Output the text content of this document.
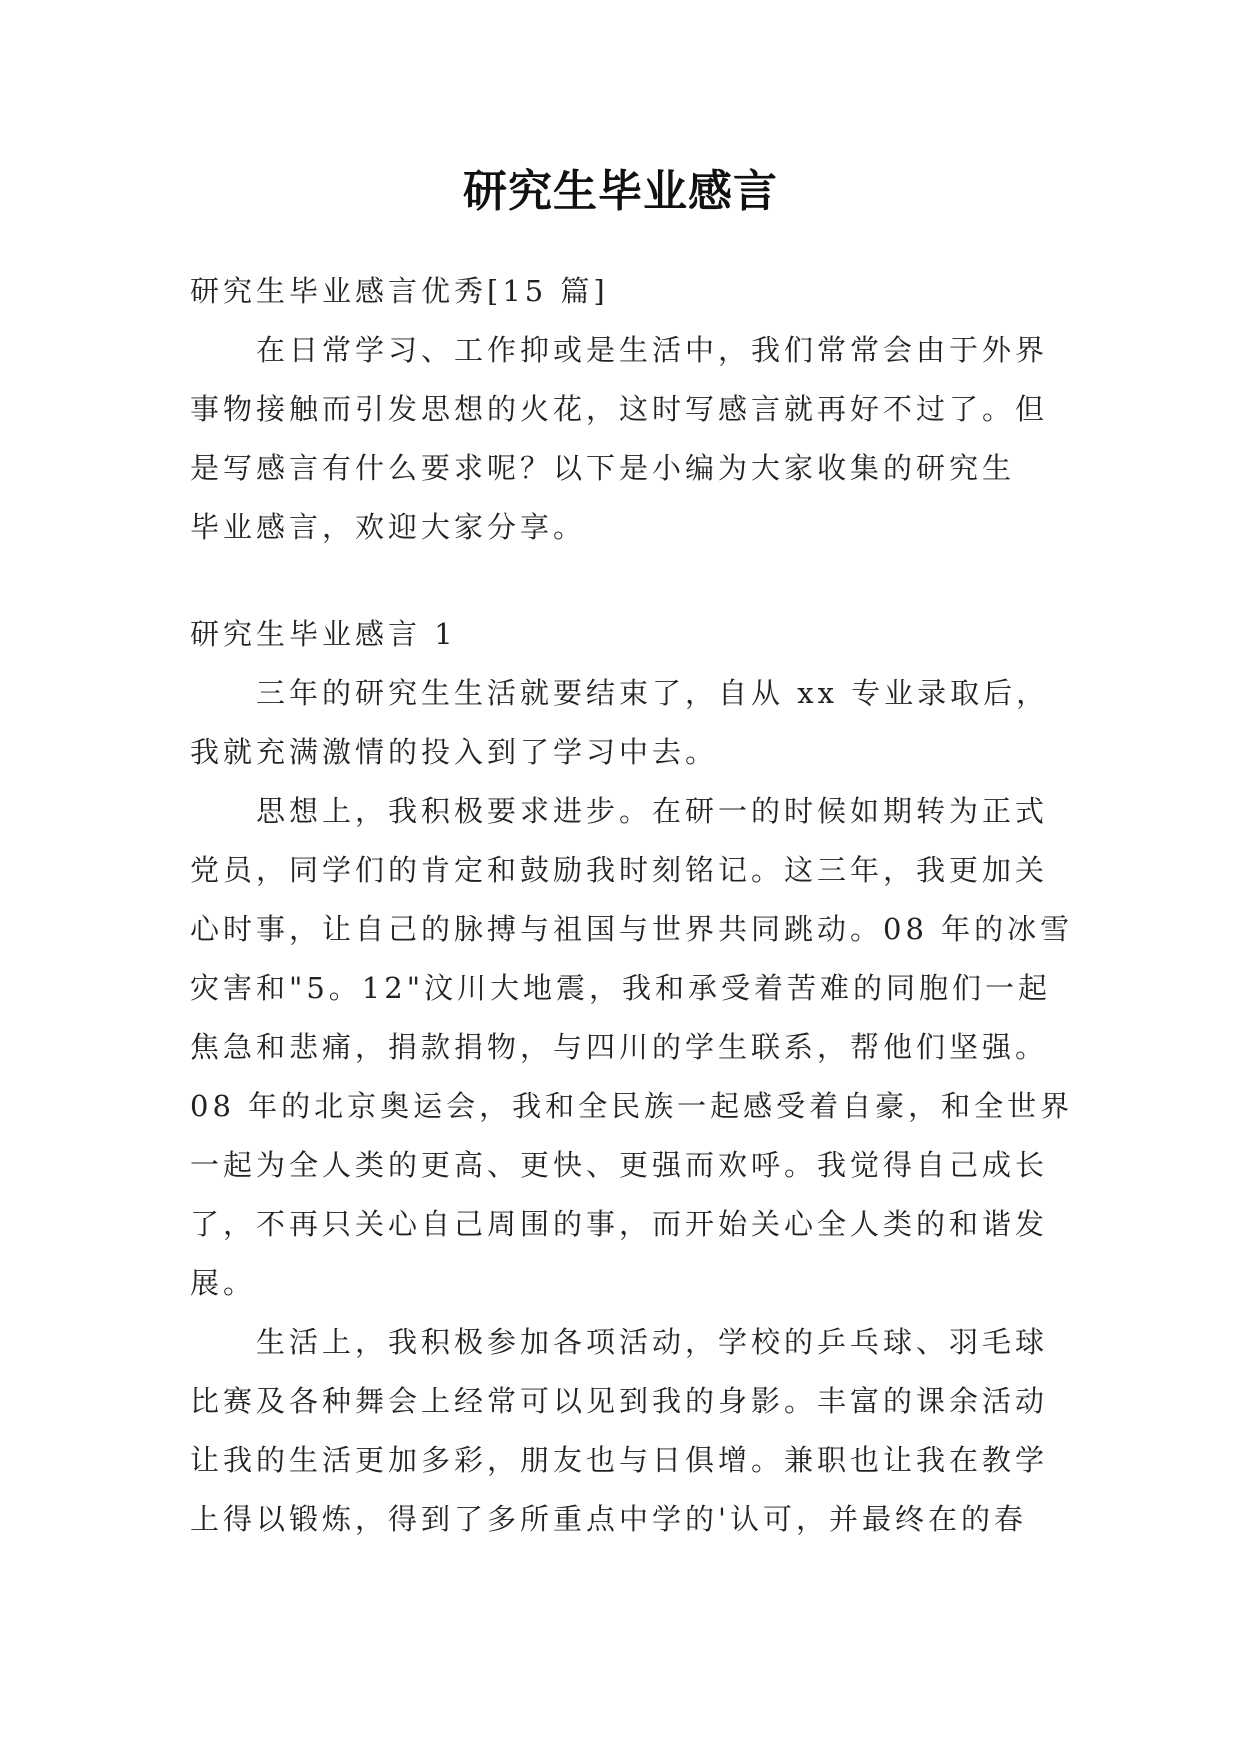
研究生毕业感言
研究生毕业感言优秀[15 篇]
在日常学习、工作抑或是生活中，我们常常会由于外界
事物接触而引发思想的火花，这时写感言就再好不过了。但
是写感言有什么要求呢？以下是小编为大家收集的研究生
毕业感言，欢迎大家分享。
研究生毕业感言 1
三年的研究生生活就要结束了，自从 xx 专业录取后，
我就充满激情的投入到了学习中去。
思想上，我积极要求进步。在研一的时候如期转为正式
党员，同学们的肯定和鼓励我时刻铭记。这三年，我更加关
心时事，让自己的脉搏与祖国与世界共同跳动。08 年的冰雪
灾害和"5。12"汶川大地震，我和承受着苦难的同胞们一起
焦急和悲痛，捐款捐物，与四川的学生联系，帮他们坚强。
08 年的北京奥运会，我和全民族一起感受着自豪，和全世界
一起为全人类的更高、更快、更强而欢呼。我觉得自己成长
了，不再只关心自己周围的事，而开始关心全人类的和谐发
展。
生活上，我积极参加各项活动，学校的乒乓球、羽毛球
比赛及各种舞会上经常可以见到我的身影。丰富的课余活动
让我的生活更加多彩，朋友也与日俱增。兼职也让我在教学
上得以锻炼，得到了多所重点中学的'认可，并最终在的春
